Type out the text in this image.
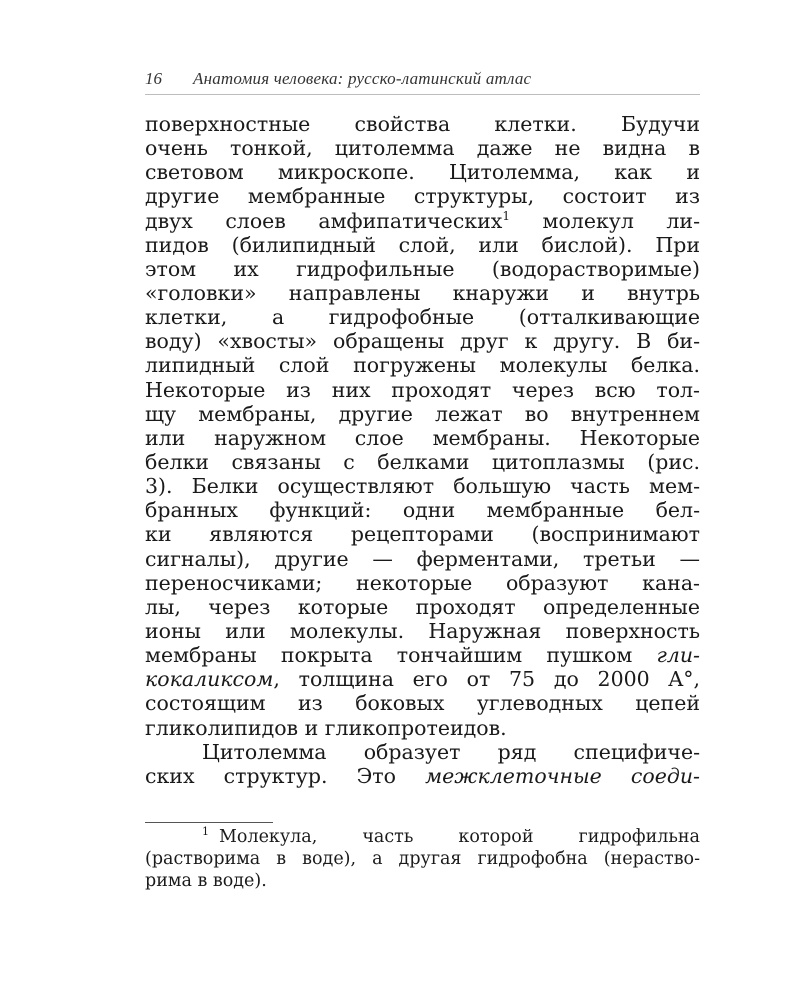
16	Анатомия человека: русско-латинский атлас
поверхностные свойства клетки. Будучи
очень тонкой, цитолемма даже не видна в
световом микроскопе. Цитолемма, как и
другие мембранные структуры, состоит из
двух слоев амфипатических$^1$ молекул ли-
пидов (билипидный слой, или бислой). При
этом их гидрофильные (водорастворимые)
«головки» направлены кнаружи и внутрь
клетки, а гидрофобные (отталкивающие
воду) «хвосты» обращены друг к другу. В би-
липидный слой погружены молекулы белка.
Некоторые из них проходят через всю тол-
щу мембраны, другие лежат во внутреннем
или наружном слое мембраны. Некоторые
белки связаны с белками цитоплазмы (рис.
3). Белки осуществляют большую часть мем-
бранных функций: одни мембранные бел-
ки являются рецепторами (воспринимают
сигналы), другие — ферментами, третьи —
переносчиками; некоторые образуют кана-
лы, через которые проходят определенные
ионы или молекулы. Наружная поверхность
мембраны покрыта тончайшим пушком гли-
кокаликсом, толщина его от 75 до 2000 A°,
состоящим из боковых углеводных цепей
гликолипидов и гликопротеидов.
Цитолемма образует ряд специфиче-
ских структур. Это межклеточные соеди-
$^1$ Молекула, часть которой гидрофильна
(растворима в воде), а другая гидрофобна (нераство-
рима в воде).
